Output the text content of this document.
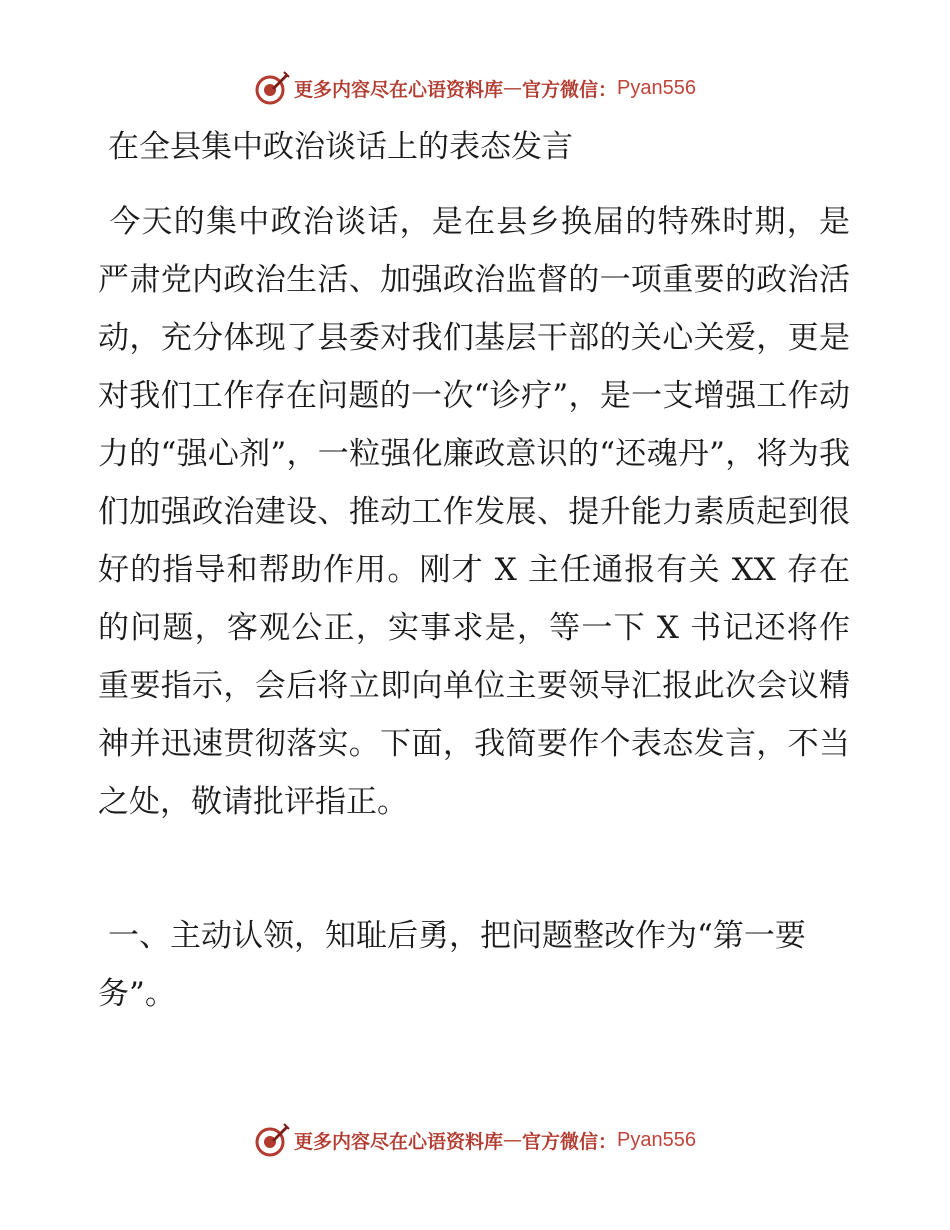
更多内容尽在心语资料库 — 官方微信： Pyan556
在全县集中政治谈话上的表态发言

今天的集中政治谈话，是在县乡换届的特殊时期，是严肃党内政治生活、加强政治监督的一项重要的政治活动，充分体现了县委对我们基层干部的关心关爱，更是对我们工作存在问题的一次“诊疗”，是一支增强工作动力的“强心剂”，一粒强化廉政意识的“还魂丹”，将为我们加强政治建设、推动工作发展、提升能力素质起到很好的指导和帮助作用。刚才 X 主任通报有关 XX 存在的问题，客观公正，实事求是，等一下 X 书记还将作重要指示，会后将立即向单位主要领导汇报此次会议精神并迅速贯彻落实。下面，我简要作个表态发言，不当之处，敬请批评指正。

一、主动认领，知耻后勇，把问题整改作为“第一要务”。

更多内容尽在心语资料库 — 官方微信： Pyan556
